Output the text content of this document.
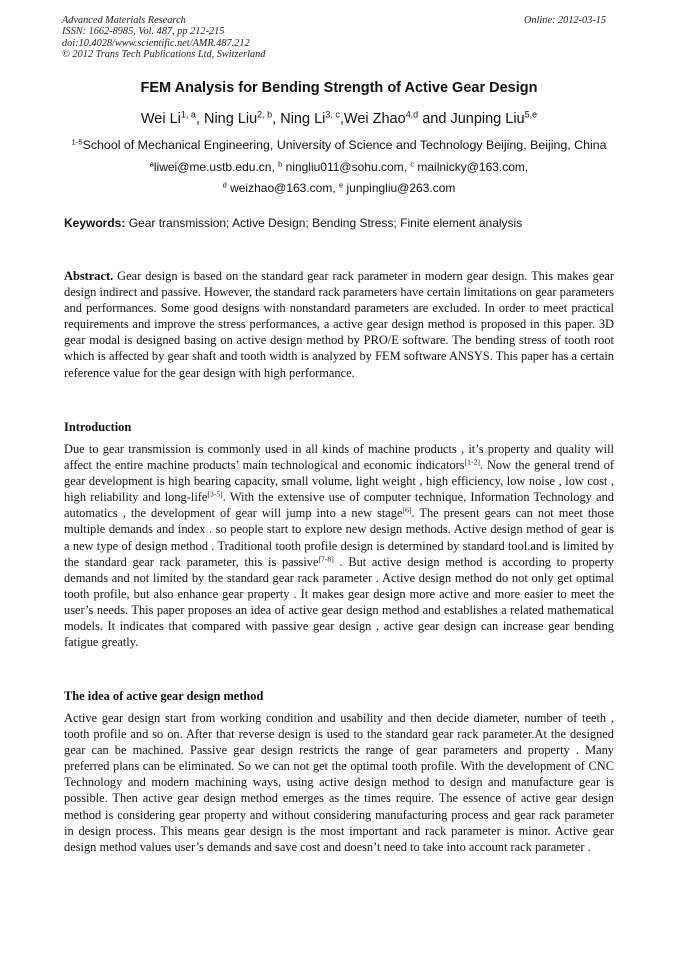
Advanced Materials Research
ISSN: 1662-8985, Vol. 487, pp 212-215
doi:10.4028/www.scientific.net/AMR.487.212
© 2012 Trans Tech Publications Ltd, Switzerland
Online: 2012-03-15
FEM Analysis for Bending Strength of Active Gear Design
Wei Li$^{1, a}$, Ning Liu$^{2, b}$, Ning Li$^{3, c}$,Wei Zhao$^{4,d}$ and Junping Liu$^{5,e}$
$^{1-5}$School of Mechanical Engineering, University of Science and Technology Beijing, Beijing, China
$^a$liwei@me.ustb.edu.cn, $^b$ ningliu011@sohu.com, $^c$ mailnicky@163.com,
$^d$ weizhao@163.com, $^e$ junpingliu@263.com
Keywords: Gear transmission; Active Design; Bending Stress; Finite element analysis
Abstract. Gear design is based on the standard gear rack parameter in modern gear design. This makes gear design indirect and passive. However, the standard rack parameters have certain limitations on gear parameters and performances. Some good designs with nonstandard parameters are excluded. In order to meet practical requirements and improve the stress performances, a active gear design method is proposed in this paper. 3D gear modal is designed basing on active design method by PRO/E software. The bending stress of tooth root which is affected by gear shaft and tooth width is analyzed by FEM software ANSYS. This paper has a certain reference value for the gear design with high performance.
Introduction
Due to gear transmission is commonly used in all kinds of machine products , it’s property and quality will affect the entire machine products’ main technological and economic indicators[1-2]. Now the general trend of gear development is high bearing capacity, small volume, light weight , high efficiency, low noise , low cost , high reliability and long-life[3-5]. With the extensive use of computer technique, Information Technology and automatics , the development of gear will jump into a new stage[6]. The present gears can not meet those multiple demands and index . so people start to explore new design methods. Active design method of gear is a new type of design method . Traditional tooth profile design is determined by standard tool.and is limited by the standard gear rack parameter, this is passive[7-8] . But active design method is according to property demands and not limited by the standard gear rack parameter . Active design method do not only get optimal tooth profile, but also enhance gear property . It makes gear design more active and more easier to meet the user’s needs. This paper proposes an idea of active gear design method and establishes a related mathematical models. It indicates that compared with passive gear design , active gear design can increase gear bending fatigue greatly.
The idea of active gear design method
Active gear design start from working condition and usability and then decide diameter, number of teeth , tooth profile and so on. After that reverse design is used to the standard gear rack parameter.At the designed gear can be machined. Passive gear design restricts the range of gear parameters and property . Many preferred plans can be eliminated. So we can not get the optimal tooth profile. With the development of CNC Technology and modern machining ways, using active design method to design and manufacture gear is possible. Then active gear design method emerges as the times require. The essence of active gear design method is considering gear property and without considering manufacturing process and gear rack parameter in design process. This means gear design is the most important and rack parameter is minor. Active gear design method values user’s demands and save cost and doesn’t need to take into account rack parameter .
